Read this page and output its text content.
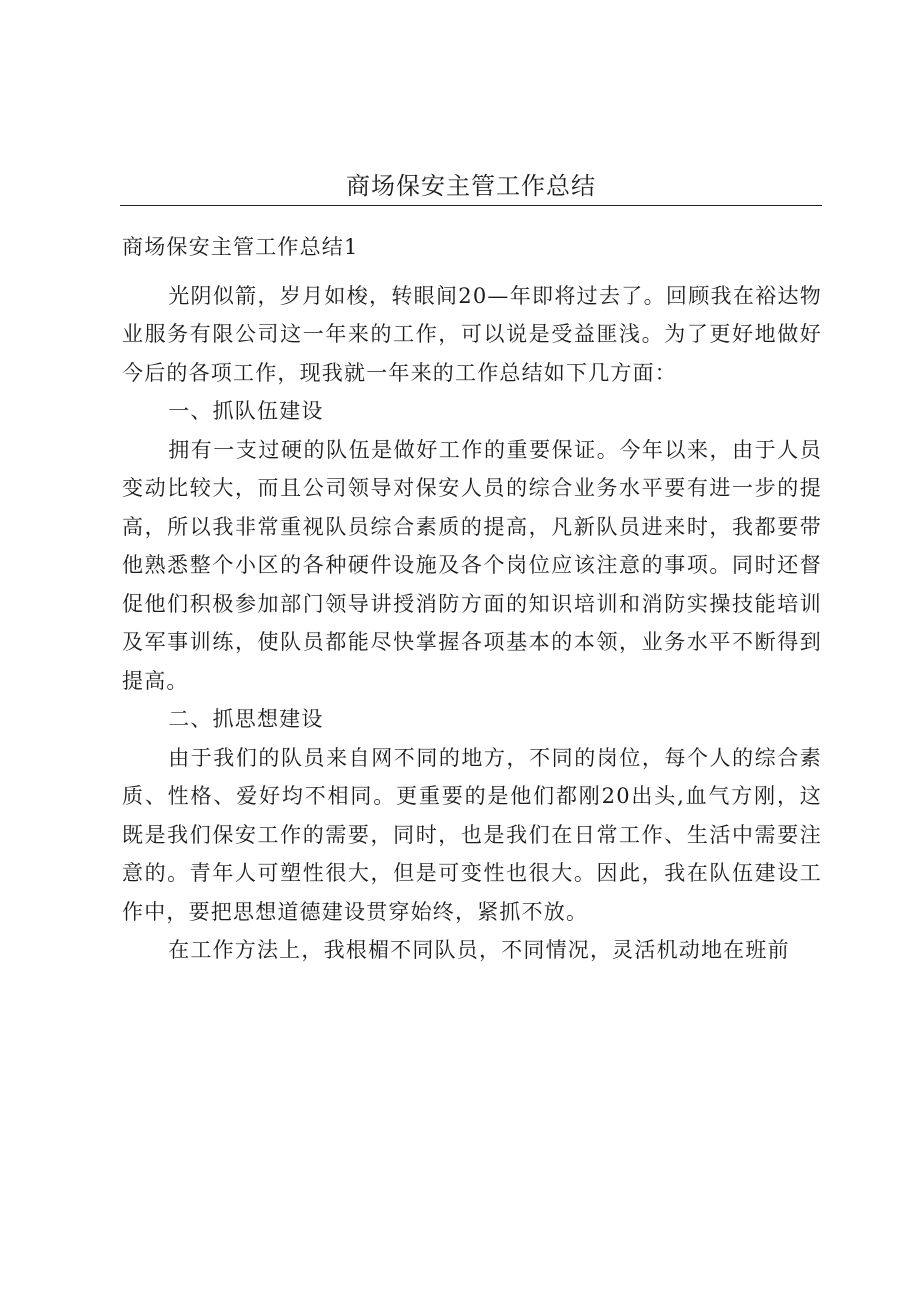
商场保安主管工作总结

商场保安主管工作总结1

光阴似箭，岁月如梭，转眼间20—年即将过去了。回顾我在裕达物业服务有限公司这一年来的工作，可以说是受益匪浅。为了更好地做好今后的各项工作，现我就一年来的工作总结如下几方面：

一、抓队伍建设

拥有一支过硬的队伍是做好工作的重要保证。今年以来，由于人员变动比较大，而且公司领导对保安人员的综合业务水平要有进一步的提高，所以我非常重视队员综合素质的提高，凡新队员进来时，我都要带他熟悉整个小区的各种硬件设施及各个岗位应该注意的事项。同时还督促他们积极参加部门领导讲授消防方面的知识培训和消防实操技能培训及军事训练，使队员都能尽快掌握各项基本的本领，业务水平不断得到提高。

二、抓思想建设

由于我们的队员来自网不同的地方，不同的岗位，每个人的综合素质、性格、爱好均不相同。更重要的是他们都刚20出头,血气方刚，这既是我们保安工作的需要，同时，也是我们在日常工作、生活中需要注意的。青年人可塑性很大，但是可变性也很大。因此，我在队伍建设工作中，要把思想道德建设贯穿始终，紧抓不放。

在工作方法上，我根楣不同队员，不同情况，灵活机动地在班前
